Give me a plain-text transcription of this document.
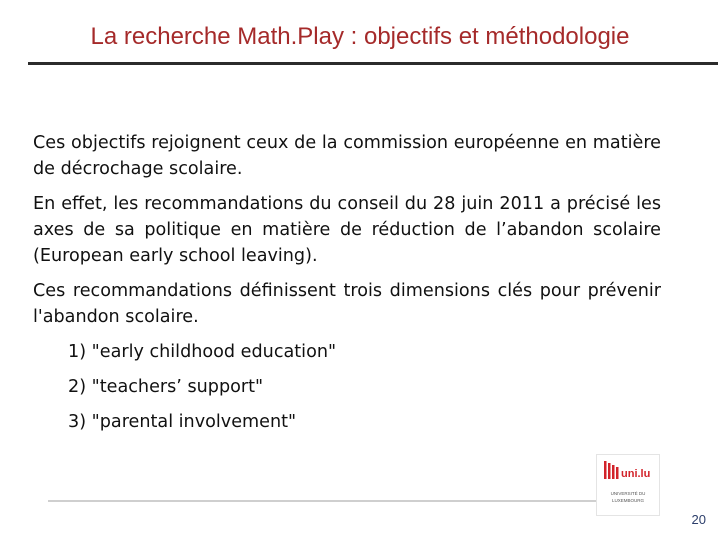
La recherche Math.Play : objectifs et méthodologie

Ces objectifs rejoignent ceux de la commission européenne en matière de décrochage scolaire.

En effet, les recommandations du conseil du 28 juin 2011 a précisé les axes de sa politique en matière de réduction de l’abandon scolaire (European early school leaving).

Ces recommandations définissent trois dimensions clés pour prévenir l'abandon scolaire.

1) "early childhood education"
2) "teachers’ support"
3) "parental involvement"
uni.lu
UNIVERSITÉ DU
LUXEMBOURG
20
